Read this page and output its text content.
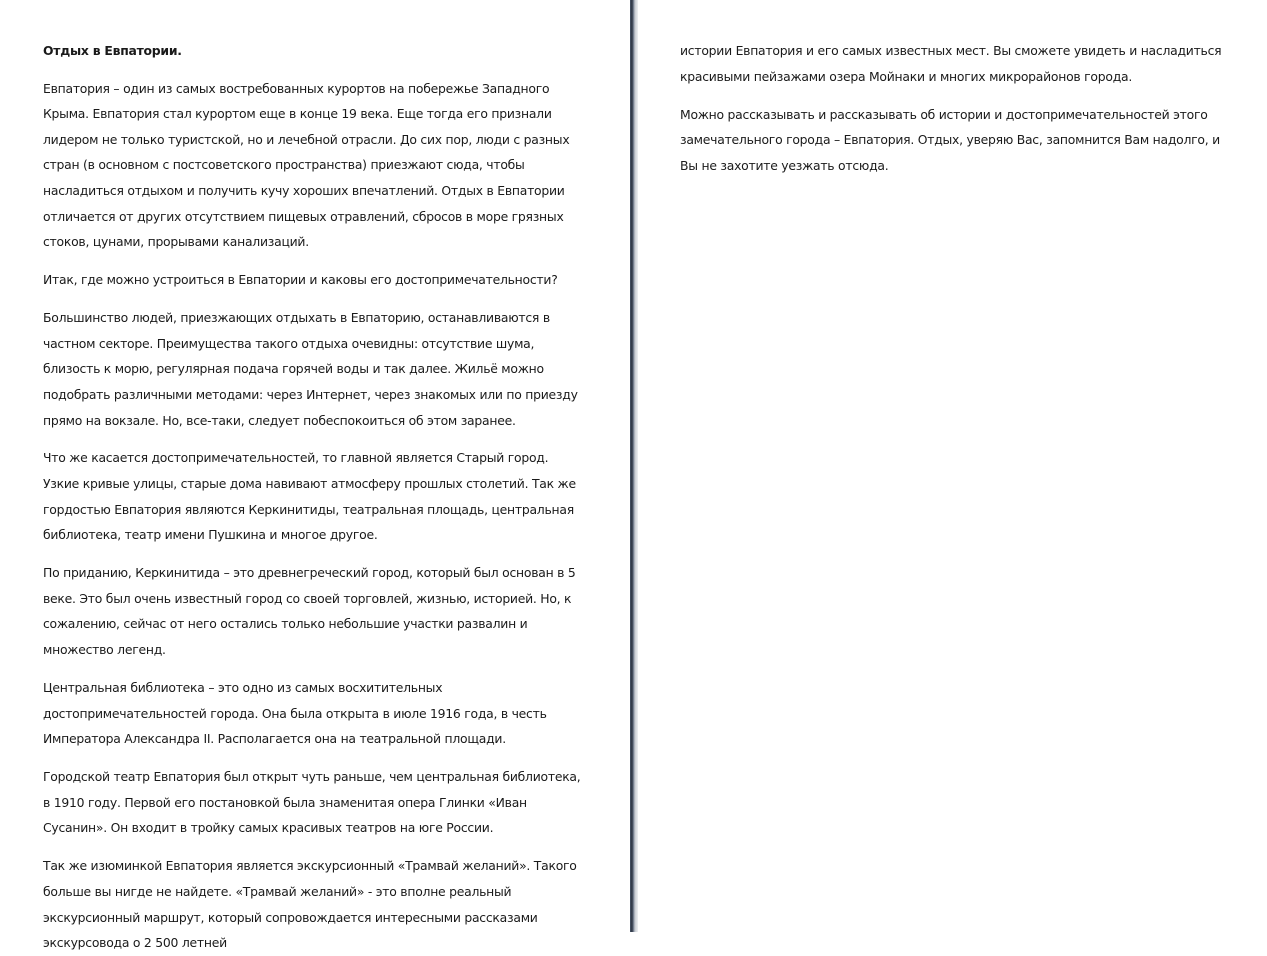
Отдых в Евпатории.

Евпатория – один из самых востребованных курортов на побережье Западного Крыма. Евпатория стал курортом еще в конце 19 века. Еще тогда его признали лидером не только туристской, но и лечебной отрасли. До сих пор, люди с разных стран (в основном с постсоветского пространства) приезжают сюда, чтобы насладиться отдыхом и получить кучу хороших впечатлений. Отдых в Евпатории отличается от других отсутствием пищевых отравлений, сбросов в море грязных стоков, цунами, прорывами канализаций.

Итак, где можно устроиться в Евпатории и каковы его достопримечательности?

Большинство людей, приезжающих отдыхать в Евпаторию, останавливаются в частном секторе. Преимущества такого отдыха очевидны: отсутствие шума, близость к морю, регулярная подача горячей воды и так далее. Жильё можно подобрать различными методами: через Интернет, через знакомых или по приезду прямо на вокзале. Но, все-таки, следует побеспокоиться об этом заранее.

Что же касается достопримечательностей, то главной является Старый город. Узкие кривые улицы, старые дома навивают атмосферу прошлых столетий. Так же гордостью Евпатория являются Керкинитиды, театральная площадь, центральная библиотека, театр имени Пушкина и многое другое.

По приданию, Керкинитида – это древнегреческий город, который был основан в 5 веке. Это был очень известный город со своей торговлей, жизнью, историей. Но, к сожалению, сейчас от него остались только небольшие участки развалин и множество легенд.

Центральная библиотека – это одно из самых восхитительных достопримечательностей города. Она была открыта в июле 1916 года, в честь Императора Александра II. Располагается она на театральной площади.

Городской театр Евпатория был открыт чуть раньше, чем центральная библиотека, в 1910 году. Первой его постановкой была знаменитая опера Глинки «Иван Сусанин». Он входит в тройку самых красивых театров на юге России.

Так же изюминкой Евпатория является экскурсионный «Трамвай желаний». Такого больше вы нигде не найдете. «Трамвай желаний» - это вполне реальный экскурсионный маршрут, который сопровождается интересными рассказами экскурсовода о 2 500 летней

истории Евпатория и его самых известных мест. Вы сможете увидеть и насладиться красивыми пейзажами озера Мойнаки и многих микрорайонов города.

Можно рассказывать и рассказывать об истории и достопримечательностей этого замечательного города – Евпатория. Отдых, уверяю Вас, запомнится Вам надолго, и Вы не захотите уезжать отсюда.
